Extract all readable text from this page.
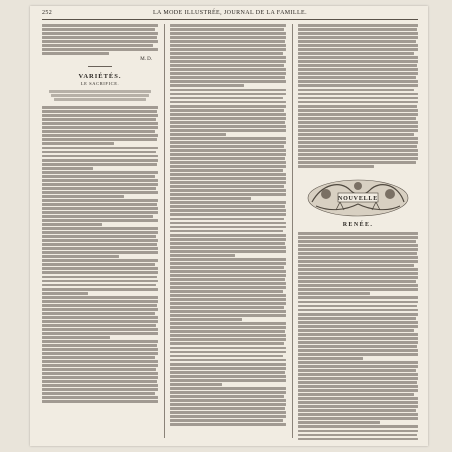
252	LA MODE ILLUSTRÉE, JOURNAL DE LA FAMILLE.
M. D.
VARIÉTÉS.
LE SACRIFICE.
NOUVELLE
RENÉE.
